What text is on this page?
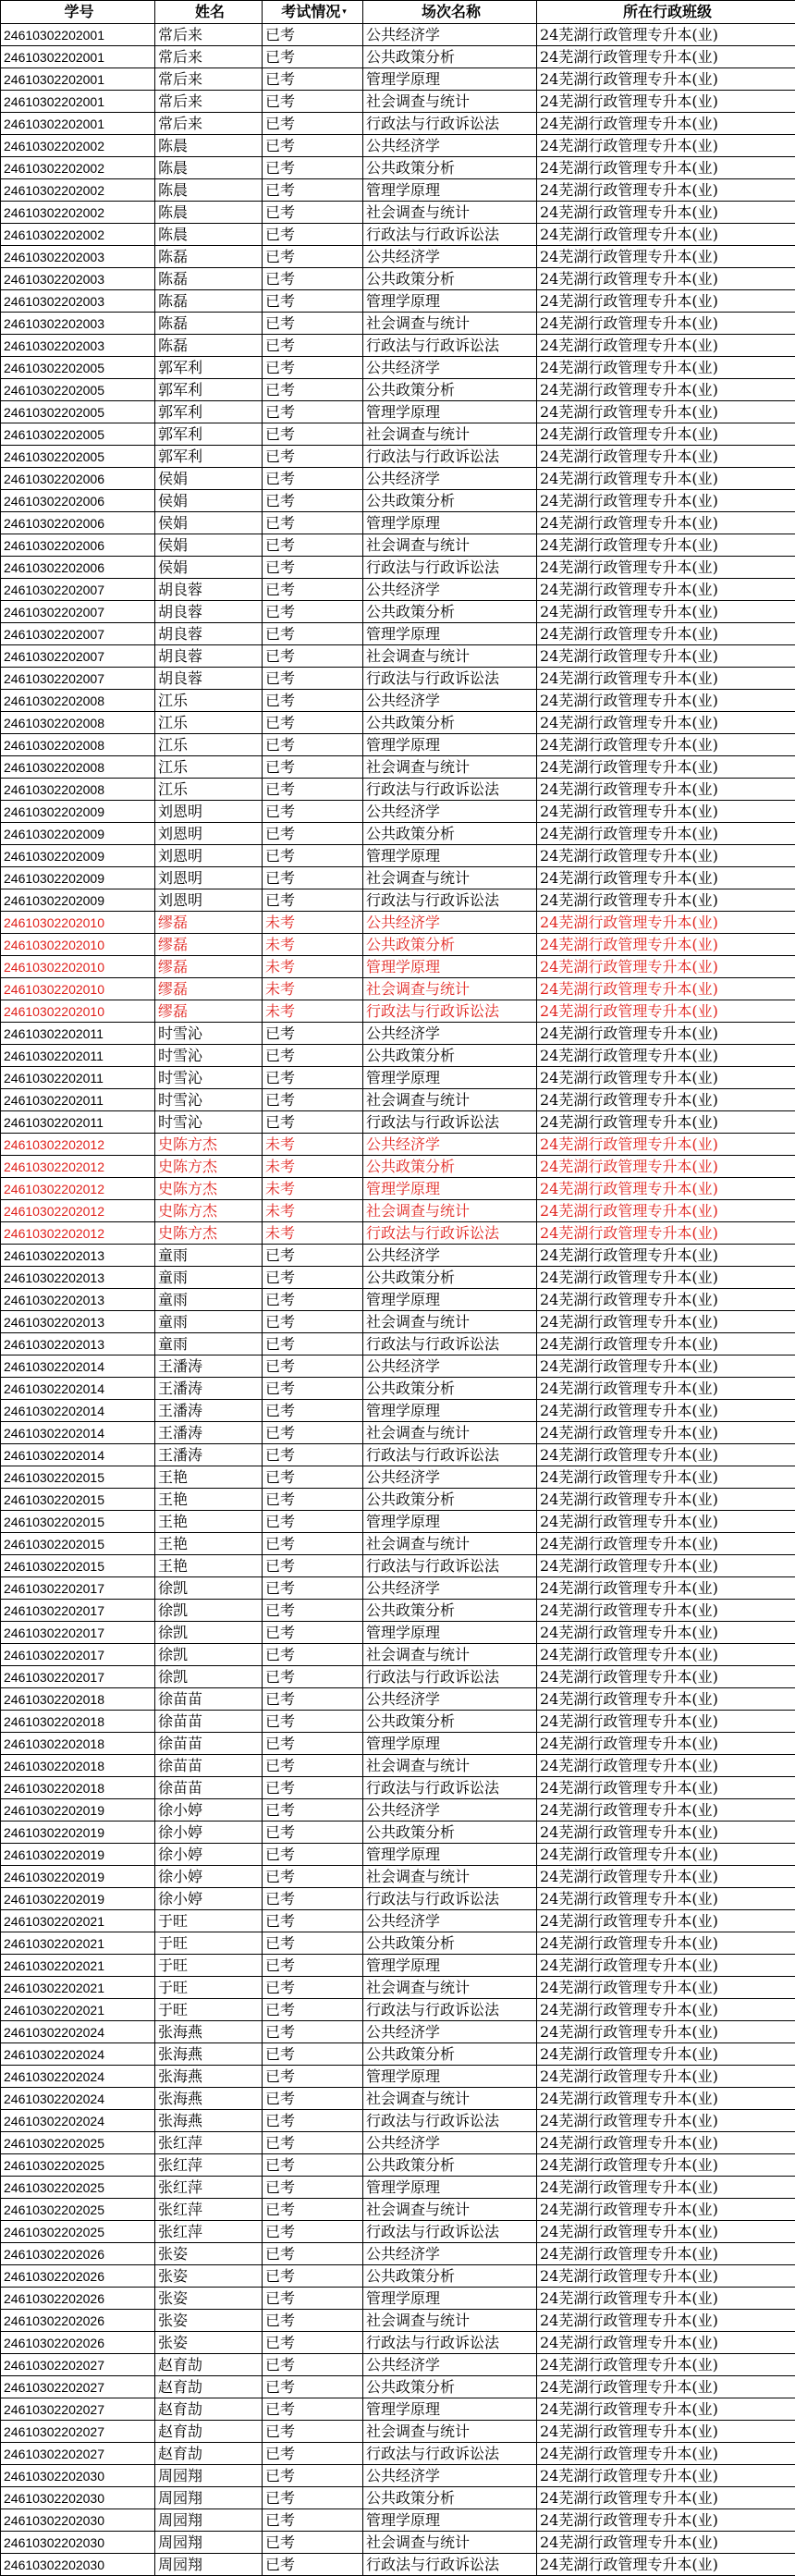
学号	姓名	考试情况 ▾	场次名称	所在行政班级
24610302202001	常后来	已考	公共经济学	24芜湖行政管理专升本(业)
24610302202001	常后来	已考	公共政策分析	24芜湖行政管理专升本(业)
24610302202001	常后来	已考	管理学原理	24芜湖行政管理专升本(业)
24610302202001	常后来	已考	社会调查与统计	24芜湖行政管理专升本(业)
24610302202001	常后来	已考	行政法与行政诉讼法	24芜湖行政管理专升本(业)
24610302202002	陈晨	已考	公共经济学	24芜湖行政管理专升本(业)
24610302202002	陈晨	已考	公共政策分析	24芜湖行政管理专升本(业)
24610302202002	陈晨	已考	管理学原理	24芜湖行政管理专升本(业)
24610302202002	陈晨	已考	社会调查与统计	24芜湖行政管理专升本(业)
24610302202002	陈晨	已考	行政法与行政诉讼法	24芜湖行政管理专升本(业)
24610302202003	陈磊	已考	公共经济学	24芜湖行政管理专升本(业)
24610302202003	陈磊	已考	公共政策分析	24芜湖行政管理专升本(业)
24610302202003	陈磊	已考	管理学原理	24芜湖行政管理专升本(业)
24610302202003	陈磊	已考	社会调查与统计	24芜湖行政管理专升本(业)
24610302202003	陈磊	已考	行政法与行政诉讼法	24芜湖行政管理专升本(业)
24610302202005	郭军利	已考	公共经济学	24芜湖行政管理专升本(业)
24610302202005	郭军利	已考	公共政策分析	24芜湖行政管理专升本(业)
24610302202005	郭军利	已考	管理学原理	24芜湖行政管理专升本(业)
24610302202005	郭军利	已考	社会调查与统计	24芜湖行政管理专升本(业)
24610302202005	郭军利	已考	行政法与行政诉讼法	24芜湖行政管理专升本(业)
24610302202006	侯娟	已考	公共经济学	24芜湖行政管理专升本(业)
24610302202006	侯娟	已考	公共政策分析	24芜湖行政管理专升本(业)
24610302202006	侯娟	已考	管理学原理	24芜湖行政管理专升本(业)
24610302202006	侯娟	已考	社会调查与统计	24芜湖行政管理专升本(业)
24610302202006	侯娟	已考	行政法与行政诉讼法	24芜湖行政管理专升本(业)
24610302202007	胡良蓉	已考	公共经济学	24芜湖行政管理专升本(业)
24610302202007	胡良蓉	已考	公共政策分析	24芜湖行政管理专升本(业)
24610302202007	胡良蓉	已考	管理学原理	24芜湖行政管理专升本(业)
24610302202007	胡良蓉	已考	社会调查与统计	24芜湖行政管理专升本(业)
24610302202007	胡良蓉	已考	行政法与行政诉讼法	24芜湖行政管理专升本(业)
24610302202008	江乐	已考	公共经济学	24芜湖行政管理专升本(业)
24610302202008	江乐	已考	公共政策分析	24芜湖行政管理专升本(业)
24610302202008	江乐	已考	管理学原理	24芜湖行政管理专升本(业)
24610302202008	江乐	已考	社会调查与统计	24芜湖行政管理专升本(业)
24610302202008	江乐	已考	行政法与行政诉讼法	24芜湖行政管理专升本(业)
24610302202009	刘恩明	已考	公共经济学	24芜湖行政管理专升本(业)
24610302202009	刘恩明	已考	公共政策分析	24芜湖行政管理专升本(业)
24610302202009	刘恩明	已考	管理学原理	24芜湖行政管理专升本(业)
24610302202009	刘恩明	已考	社会调查与统计	24芜湖行政管理专升本(业)
24610302202009	刘恩明	已考	行政法与行政诉讼法	24芜湖行政管理专升本(业)
24610302202010	缪磊	未考	公共经济学	24芜湖行政管理专升本(业)
24610302202010	缪磊	未考	公共政策分析	24芜湖行政管理专升本(业)
24610302202010	缪磊	未考	管理学原理	24芜湖行政管理专升本(业)
24610302202010	缪磊	未考	社会调查与统计	24芜湖行政管理专升本(业)
24610302202010	缪磊	未考	行政法与行政诉讼法	24芜湖行政管理专升本(业)
24610302202011	时雪沁	已考	公共经济学	24芜湖行政管理专升本(业)
24610302202011	时雪沁	已考	公共政策分析	24芜湖行政管理专升本(业)
24610302202011	时雪沁	已考	管理学原理	24芜湖行政管理专升本(业)
24610302202011	时雪沁	已考	社会调查与统计	24芜湖行政管理专升本(业)
24610302202011	时雪沁	已考	行政法与行政诉讼法	24芜湖行政管理专升本(业)
24610302202012	史陈方杰	未考	公共经济学	24芜湖行政管理专升本(业)
24610302202012	史陈方杰	未考	公共政策分析	24芜湖行政管理专升本(业)
24610302202012	史陈方杰	未考	管理学原理	24芜湖行政管理专升本(业)
24610302202012	史陈方杰	未考	社会调查与统计	24芜湖行政管理专升本(业)
24610302202012	史陈方杰	未考	行政法与行政诉讼法	24芜湖行政管理专升本(业)
24610302202013	童雨	已考	公共经济学	24芜湖行政管理专升本(业)
24610302202013	童雨	已考	公共政策分析	24芜湖行政管理专升本(业)
24610302202013	童雨	已考	管理学原理	24芜湖行政管理专升本(业)
24610302202013	童雨	已考	社会调查与统计	24芜湖行政管理专升本(业)
24610302202013	童雨	已考	行政法与行政诉讼法	24芜湖行政管理专升本(业)
24610302202014	王潘涛	已考	公共经济学	24芜湖行政管理专升本(业)
24610302202014	王潘涛	已考	公共政策分析	24芜湖行政管理专升本(业)
24610302202014	王潘涛	已考	管理学原理	24芜湖行政管理专升本(业)
24610302202014	王潘涛	已考	社会调查与统计	24芜湖行政管理专升本(业)
24610302202014	王潘涛	已考	行政法与行政诉讼法	24芜湖行政管理专升本(业)
24610302202015	王艳	已考	公共经济学	24芜湖行政管理专升本(业)
24610302202015	王艳	已考	公共政策分析	24芜湖行政管理专升本(业)
24610302202015	王艳	已考	管理学原理	24芜湖行政管理专升本(业)
24610302202015	王艳	已考	社会调查与统计	24芜湖行政管理专升本(业)
24610302202015	王艳	已考	行政法与行政诉讼法	24芜湖行政管理专升本(业)
24610302202017	徐凯	已考	公共经济学	24芜湖行政管理专升本(业)
24610302202017	徐凯	已考	公共政策分析	24芜湖行政管理专升本(业)
24610302202017	徐凯	已考	管理学原理	24芜湖行政管理专升本(业)
24610302202017	徐凯	已考	社会调查与统计	24芜湖行政管理专升本(业)
24610302202017	徐凯	已考	行政法与行政诉讼法	24芜湖行政管理专升本(业)
24610302202018	徐苗苗	已考	公共经济学	24芜湖行政管理专升本(业)
24610302202018	徐苗苗	已考	公共政策分析	24芜湖行政管理专升本(业)
24610302202018	徐苗苗	已考	管理学原理	24芜湖行政管理专升本(业)
24610302202018	徐苗苗	已考	社会调查与统计	24芜湖行政管理专升本(业)
24610302202018	徐苗苗	已考	行政法与行政诉讼法	24芜湖行政管理专升本(业)
24610302202019	徐小婷	已考	公共经济学	24芜湖行政管理专升本(业)
24610302202019	徐小婷	已考	公共政策分析	24芜湖行政管理专升本(业)
24610302202019	徐小婷	已考	管理学原理	24芜湖行政管理专升本(业)
24610302202019	徐小婷	已考	社会调查与统计	24芜湖行政管理专升本(业)
24610302202019	徐小婷	已考	行政法与行政诉讼法	24芜湖行政管理专升本(业)
24610302202021	于旺	已考	公共经济学	24芜湖行政管理专升本(业)
24610302202021	于旺	已考	公共政策分析	24芜湖行政管理专升本(业)
24610302202021	于旺	已考	管理学原理	24芜湖行政管理专升本(业)
24610302202021	于旺	已考	社会调查与统计	24芜湖行政管理专升本(业)
24610302202021	于旺	已考	行政法与行政诉讼法	24芜湖行政管理专升本(业)
24610302202024	张海燕	已考	公共经济学	24芜湖行政管理专升本(业)
24610302202024	张海燕	已考	公共政策分析	24芜湖行政管理专升本(业)
24610302202024	张海燕	已考	管理学原理	24芜湖行政管理专升本(业)
24610302202024	张海燕	已考	社会调查与统计	24芜湖行政管理专升本(业)
24610302202024	张海燕	已考	行政法与行政诉讼法	24芜湖行政管理专升本(业)
24610302202025	张红萍	已考	公共经济学	24芜湖行政管理专升本(业)
24610302202025	张红萍	已考	公共政策分析	24芜湖行政管理专升本(业)
24610302202025	张红萍	已考	管理学原理	24芜湖行政管理专升本(业)
24610302202025	张红萍	已考	社会调查与统计	24芜湖行政管理专升本(业)
24610302202025	张红萍	已考	行政法与行政诉讼法	24芜湖行政管理专升本(业)
24610302202026	张姿	已考	公共经济学	24芜湖行政管理专升本(业)
24610302202026	张姿	已考	公共政策分析	24芜湖行政管理专升本(业)
24610302202026	张姿	已考	管理学原理	24芜湖行政管理专升本(业)
24610302202026	张姿	已考	社会调查与统计	24芜湖行政管理专升本(业)
24610302202026	张姿	已考	行政法与行政诉讼法	24芜湖行政管理专升本(业)
24610302202027	赵育劼	已考	公共经济学	24芜湖行政管理专升本(业)
24610302202027	赵育劼	已考	公共政策分析	24芜湖行政管理专升本(业)
24610302202027	赵育劼	已考	管理学原理	24芜湖行政管理专升本(业)
24610302202027	赵育劼	已考	社会调查与统计	24芜湖行政管理专升本(业)
24610302202027	赵育劼	已考	行政法与行政诉讼法	24芜湖行政管理专升本(业)
24610302202030	周园翔	已考	公共经济学	24芜湖行政管理专升本(业)
24610302202030	周园翔	已考	公共政策分析	24芜湖行政管理专升本(业)
24610302202030	周园翔	已考	管理学原理	24芜湖行政管理专升本(业)
24610302202030	周园翔	已考	社会调查与统计	24芜湖行政管理专升本(业)
24610302202030	周园翔	已考	行政法与行政诉讼法	24芜湖行政管理专升本(业)
